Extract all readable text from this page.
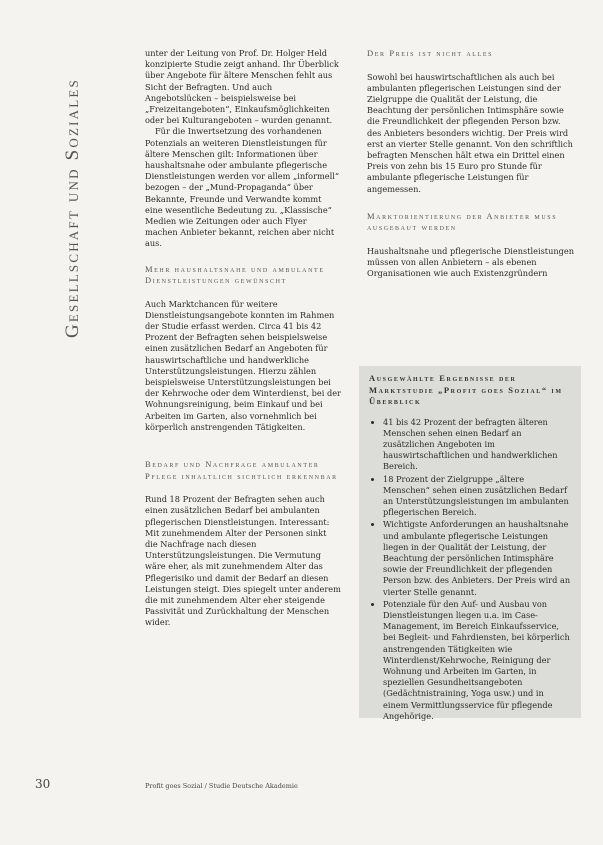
Gesellschaft und Soziales

unter der Leitung von Prof. Dr. Holger Held konzipierte Studie zeigt anhand. Ihr Überblick über Angebote für ältere Menschen fehlt aus Sicht der Befragten. Und auch Angebotslücken – beispielsweise bei „Freizeitangeboten“, Einkaufsmöglichkeiten oder bei Kulturangeboten – wurden genannt.

Für die Inwertsetzung des vorhandenen Potenzials an weiteren Dienstleistungen für ältere Menschen gilt: Informationen über haushaltsnahe oder ambulante pflegerische Dienstleistungen werden vor allem „informell“ bezogen – der „Mund-Propaganda“ über Bekannte, Freunde und Verwandte kommt eine wesentliche Bedeutung zu. „Klassische“ Medien wie Zeitungen oder auch Flyer machen Anbieter bekannt, reichen aber nicht aus.

Mehr haushaltsnahe und ambulante Dienstleistungen gewünscht

Auch Marktchancen für weitere Dienstleistungsangebote konnten im Rahmen der Studie erfasst werden. Circa 41 bis 42 Prozent der Befragten sehen beispielsweise einen zusätzlichen Bedarf an Angeboten für hauswirtschaftliche und handwerkliche Unterstützungsleistungen. Hierzu zählen beispielsweise Unterstützungsleistungen bei der Kehrwoche oder dem Winterdienst, bei der Wohnungsreinigung, beim Einkauf und bei Arbeiten im Garten, also vornehmlich bei körperlich anstrengenden Tätigkeiten.

Bedarf und Nachfrage ambulanter Pflege inhaltlich sichtlich erkennbar

Rund 18 Prozent der Befragten sehen auch einen zusätzlichen Bedarf bei ambulanten pflegerischen Dienstleistungen. Interessant: Mit zunehmendem Alter der Personen sinkt die Nachfrage nach diesen Unterstützungsleistungen. Die Vermutung wäre eher, als mit zunehmendem Alter das Pflegerisiko und damit der Bedarf an diesen Leistungen steigt. Dies spiegelt unter anderem die mit zunehmendem Alter eher steigende Passivität und Zurückhaltung der Menschen wider.

Der Preis ist nicht alles

Sowohl bei hauswirtschaftlichen als auch bei ambulanten pflegerischen Leistungen sind der Zielgruppe die Qualität der Leistung, die Beachtung der persönlichen Intimsphäre sowie die Freundlichkeit der pflegenden Person bzw. des Anbieters besonders wichtig. Der Preis wird erst an vierter Stelle genannt. Von den schriftlich befragten Menschen hält etwa ein Drittel einen Preis von zehn bis 15 Euro pro Stunde für ambulante pflegerische Leistungen für angemessen.

Marktorientierung der Anbieter muss ausgebaut werden

Haushaltsnahe und pflegerische Dienstleistungen müssen von allen Anbietern – als ebenen Organisationen wie auch Existenzgründern

Ausgewählte Ergebnisse der Marktstudie „Profit goes Sozial“ im Überblick
• 41 bis 42 Prozent der befragten älteren Menschen sehen einen Bedarf an zusätzlichen Angeboten im hauswirtschaftlichen und handwerklichen Bereich.
• 18 Prozent der Zielgruppe „ältere Menschen“ sehen einen zusätzlichen Bedarf an Unterstützungsleistungen im ambulanten pflegerischen Bereich.
• Wichtigste Anforderungen an haushaltsnahe und ambulante pflegerische Leistungen liegen in der Qualität der Leistung, der Beachtung der persönlichen Intimsphäre sowie der Freundlichkeit der pflegenden Person bzw. des Anbieters. Der Preis wird an vierter Stelle genannt.
• Potenziale für den Auf- und Ausbau von Dienstleistungen liegen u.a. im Case-Management, im Bereich Einkaufsservice, bei Begleit- und Fahrdiensten, bei körperlich anstrengenden Tätigkeiten wie Winterdienst/Kehrwoche, Reinigung der Wohnung und Arbeiten im Garten, in speziellen Gesundheitsangeboten (Gedächtnistraining, Yoga usw.) und in einem Vermittlungsservice für pflegende Angehörige.
30	Profit goes Sozial / Studie Deutsche Akademie
